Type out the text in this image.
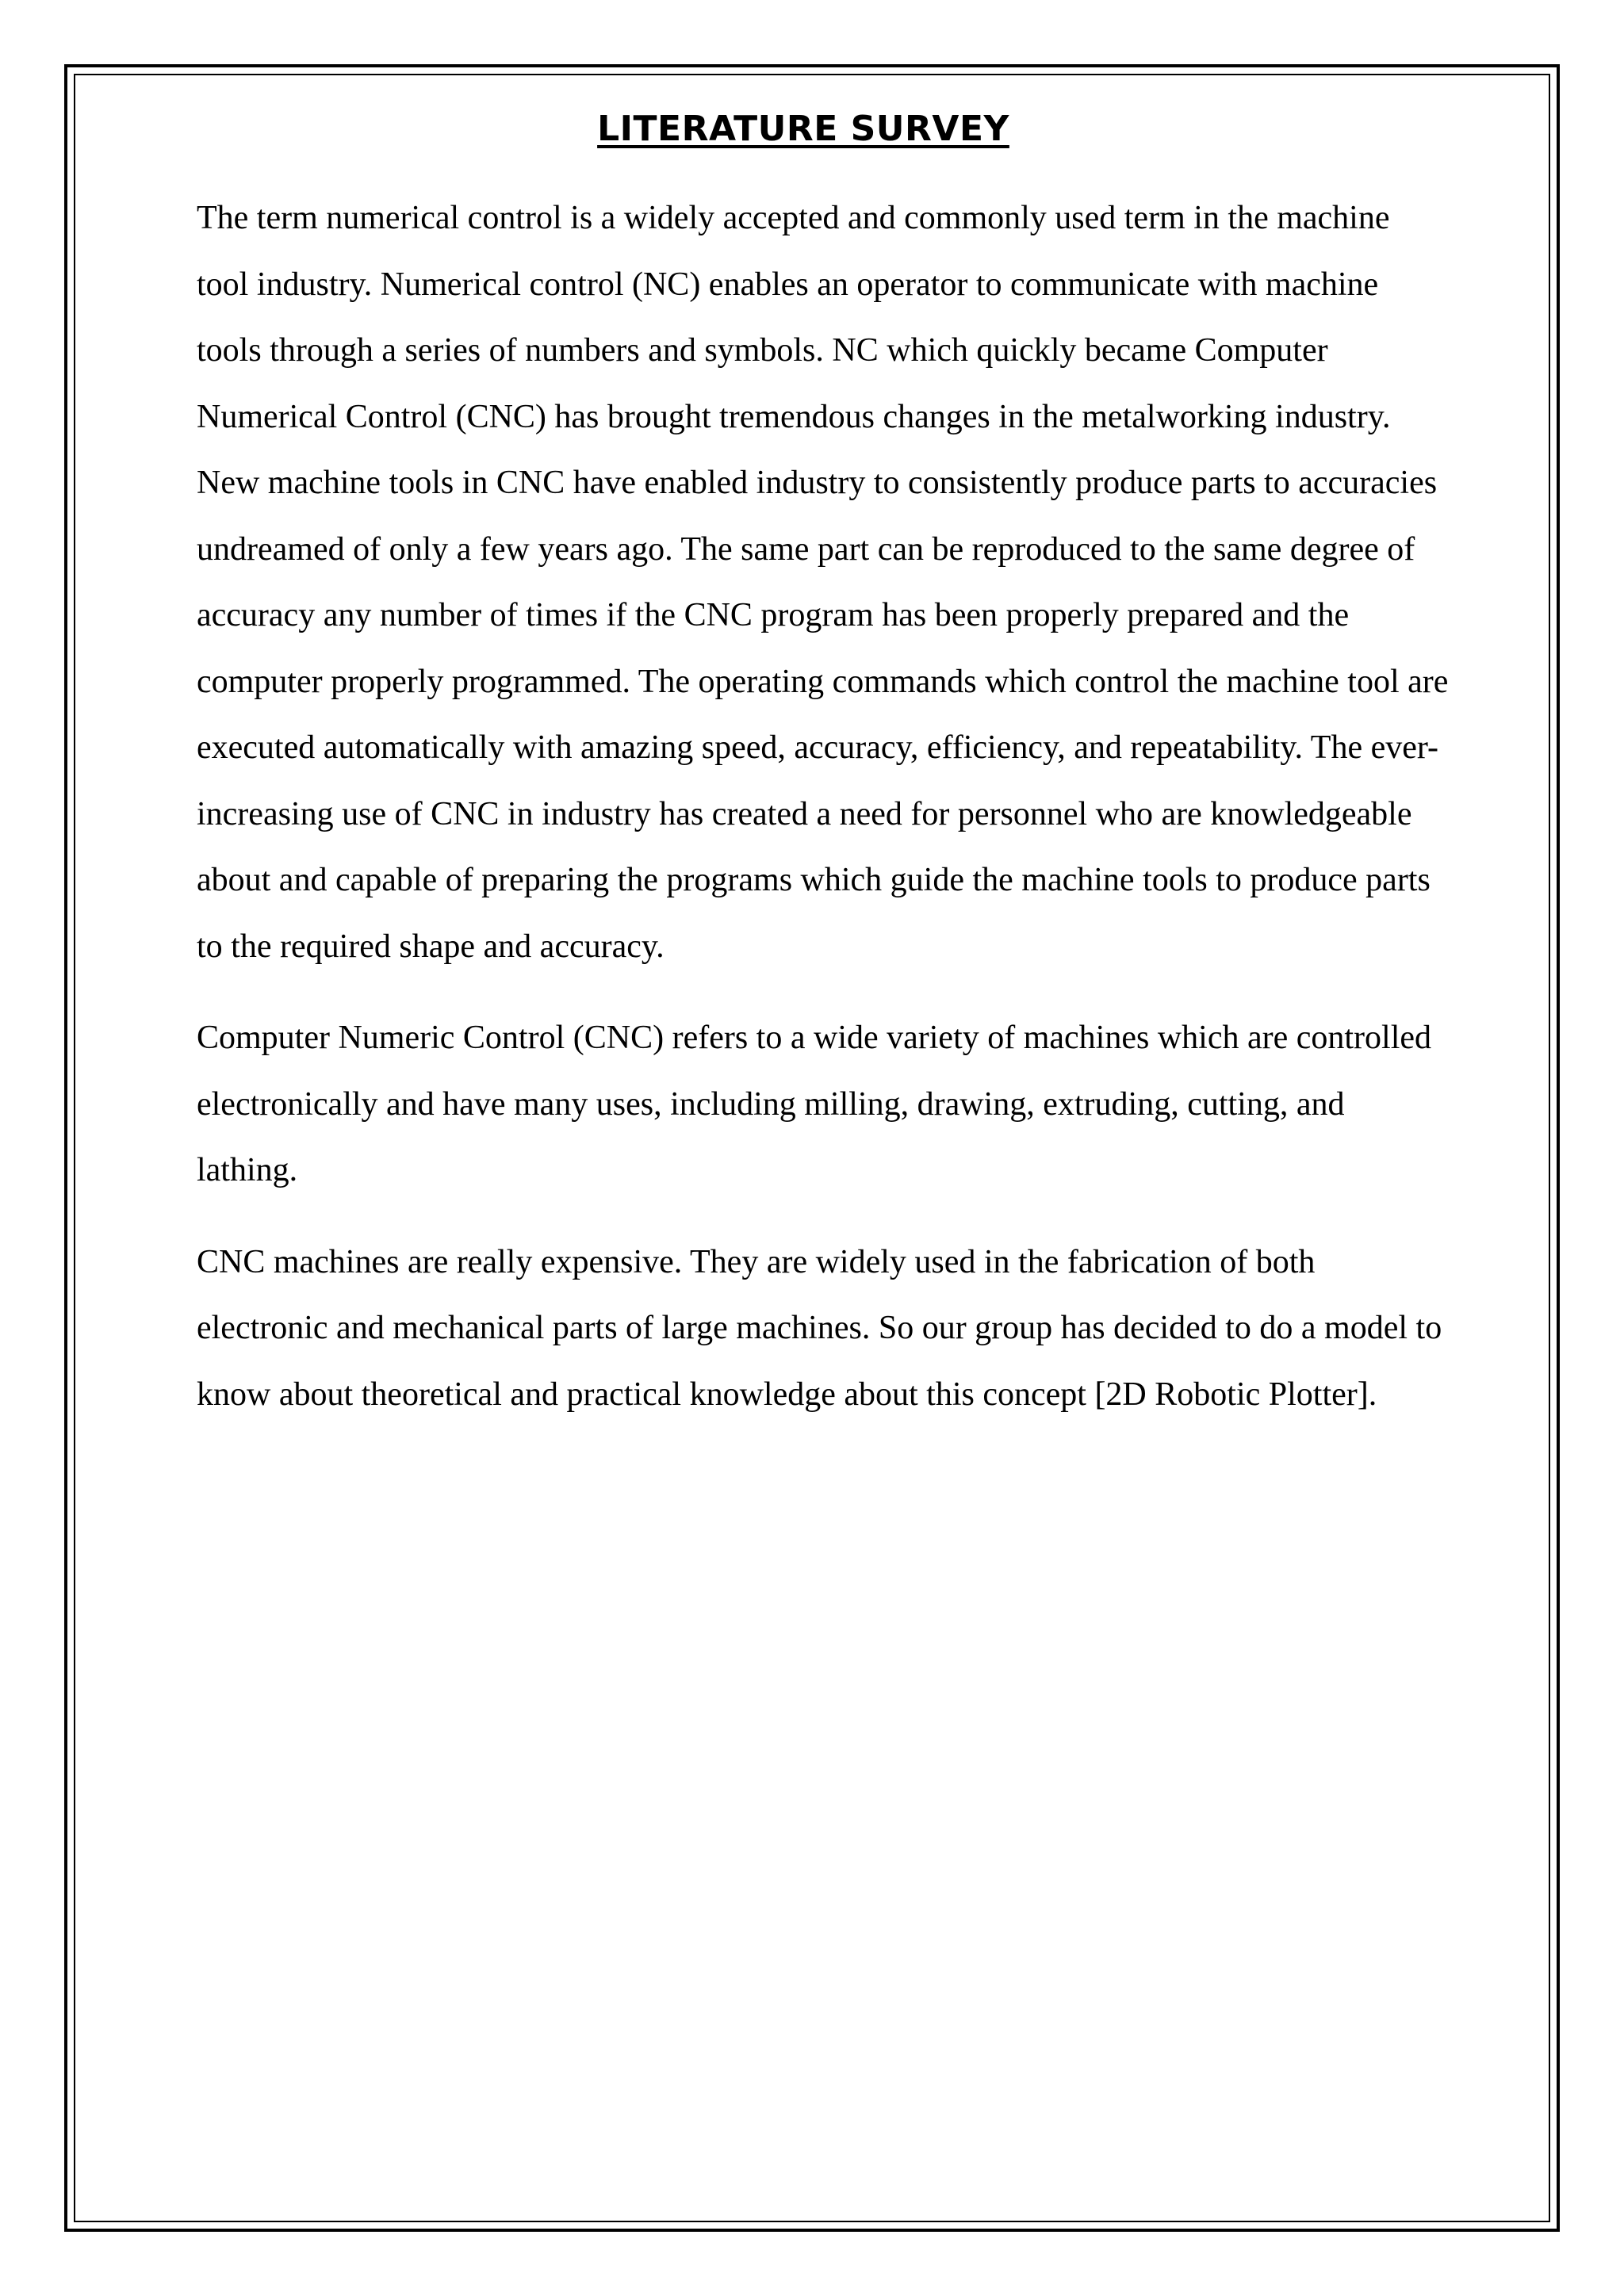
LITERATURE SURVEY

The term numerical control is a widely accepted and commonly used term in the machine tool industry. Numerical control (NC) enables an operator to communicate with machine tools through a series of numbers and symbols. NC which quickly became Computer Numerical Control (CNC) has brought tremendous changes in the metalworking industry. New machine tools in CNC have enabled industry to consistently produce parts to accuracies undreamed of only a few years ago. The same part can be reproduced to the same degree of accuracy any number of times if the CNC program has been properly prepared and the computer properly programmed. The operating commands which control the machine tool are executed automatically with amazing speed, accuracy, efficiency, and repeatability. The ever-increasing use of CNC in industry has created a need for personnel who are knowledgeable about and capable of preparing the programs which guide the machine tools to produce parts to the required shape and accuracy.

Computer Numeric Control (CNC) refers to a wide variety of machines which are controlled electronically and have many uses, including milling, drawing, extruding, cutting, and lathing.

CNC machines are really expensive. They are widely used in the fabrication of both electronic and mechanical parts of large machines. So our group has decided to do a model to know about theoretical and practical knowledge about this concept [2D Robotic Plotter].
